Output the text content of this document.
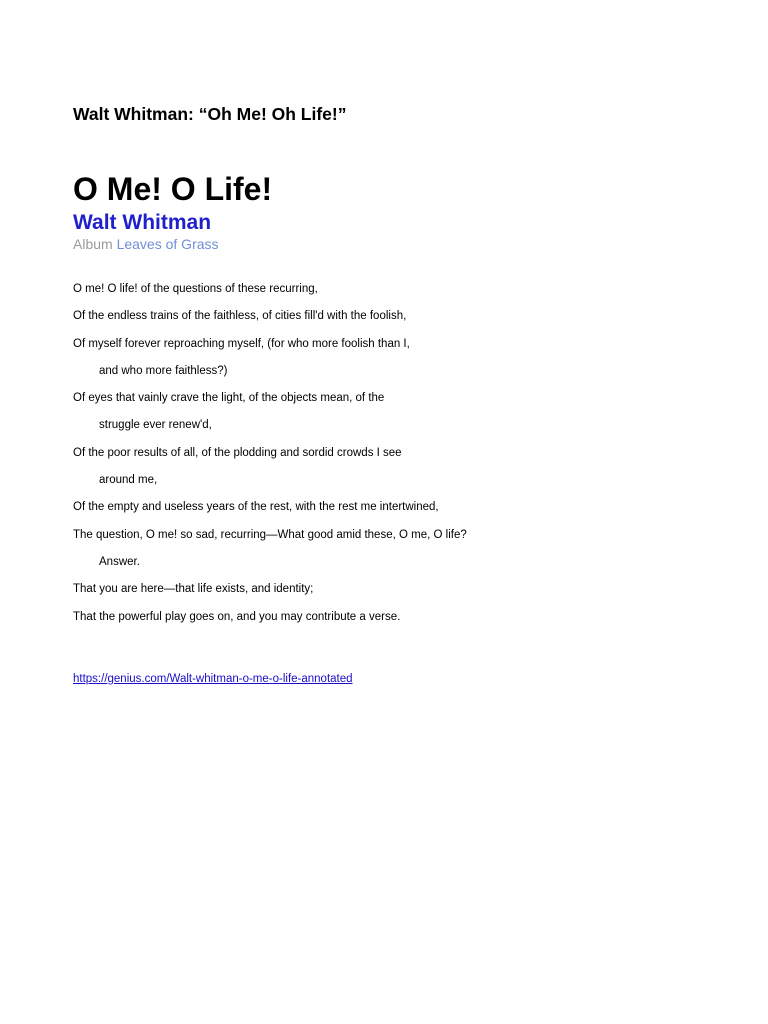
Walt Whitman: “Oh Me! Oh Life!”
O Me! O Life!
Walt Whitman
Album Leaves of Grass
O me! O life! of the questions of these recurring,
Of the endless trains of the faithless, of cities fill'd with the foolish,
Of myself forever reproaching myself, (for who more foolish than I,
and who more faithless?)
Of eyes that vainly crave the light, of the objects mean, of the
struggle ever renew'd,
Of the poor results of all, of the plodding and sordid crowds I see
around me,
Of the empty and useless years of the rest, with the rest me intertwined,
The question, O me! so sad, recurring—What good amid these, O me, O life?
Answer.
That you are here—that life exists, and identity;
That the powerful play goes on, and you may contribute a verse.
https://genius.com/Walt-whitman-o-me-o-life-annotated
